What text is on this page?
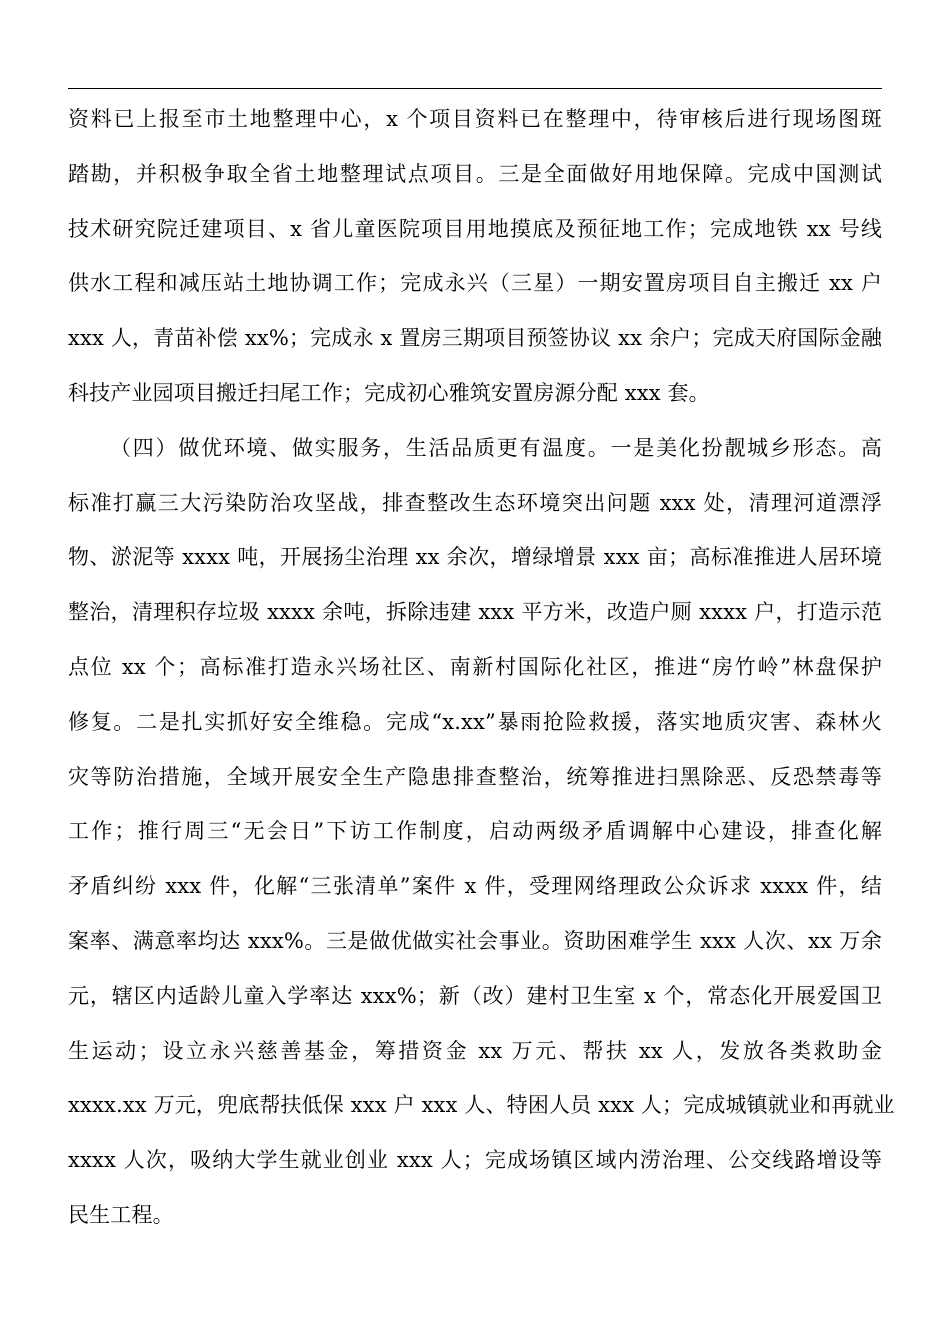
资料已上报至市土地整理中心，x 个项目资料已在整理中，待审核后进行现场图斑
踏勘，并积极争取全省土地整理试点项目。三是全面做好用地保障。完成中国测试
技术研究院迁建项目、x 省儿童医院项目用地摸底及预征地工作；完成地铁 xx 号线
供水工程和减压站土地协调工作；完成永兴（三星）一期安置房项目自主搬迁 xx 户
xxx 人，青苗补偿 xx%；完成永 x 置房三期项目预签协议 xx 余户；完成天府国际金融
科技产业园项目搬迁扫尾工作；完成初心雅筑安置房源分配 xxx 套。
（四）做优环境、做实服务，生活品质更有温度。一是美化扮靓城乡形态。高
标准打赢三大污染防治攻坚战，排查整改生态环境突出问题 xxx 处，清理河道漂浮
物、淤泥等 xxxx 吨，开展扬尘治理 xx 余次，增绿增景 xxx 亩；高标准推进人居环境
整治，清理积存垃圾 xxxx 余吨，拆除违建 xxx 平方米，改造户厕 xxxx 户，打造示范
点位 xx 个；高标准打造永兴场社区、南新村国际化社区，推进“房竹岭”林盘保护
修复。二是扎实抓好安全维稳。完成“x.xx”暴雨抢险救援，落实地质灾害、森林火
灾等防治措施，全域开展安全生产隐患排查整治，统筹推进扫黑除恶、反恐禁毒等
工作；推行周三“无会日”下访工作制度，启动两级矛盾调解中心建设，排查化解
矛盾纠纷 xxx 件，化解“三张清单”案件 x 件，受理网络理政公众诉求 xxxx 件，结
案率、满意率均达 xxx%。三是做优做实社会事业。资助困难学生 xxx 人次、xx 万余
元，辖区内适龄儿童入学率达 xxx%；新（改）建村卫生室 x 个，常态化开展爱国卫
生运动；设立永兴慈善基金，筹措资金 xx 万元、帮扶 xx 人，发放各类救助金
xxxx.xx 万元，兜底帮扶低保 xxx 户 xxx 人、特困人员 xxx 人；完成城镇就业和再就业
xxxx 人次，吸纳大学生就业创业 xxx 人；完成场镇区域内涝治理、公交线路增设等
民生工程。
